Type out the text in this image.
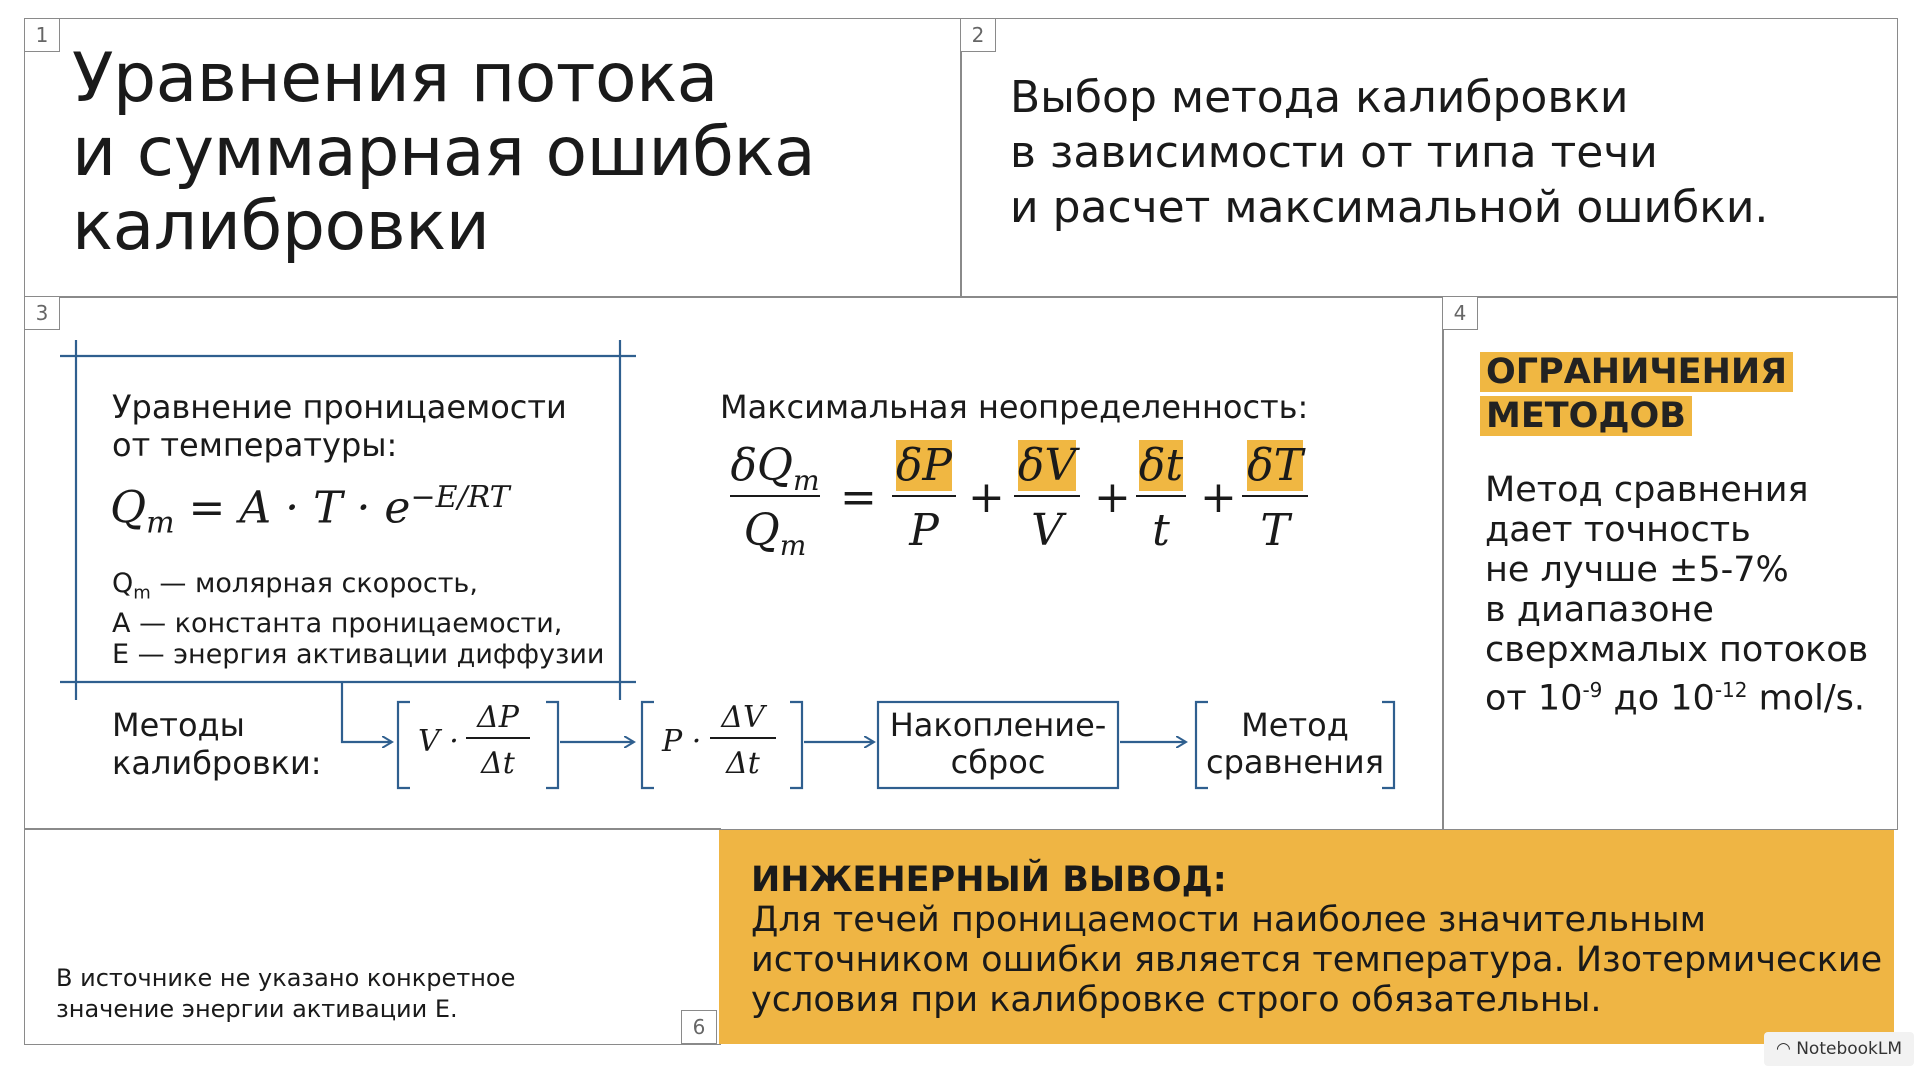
1	2
3	4
Уравнения потока
и суммарная ошибка
калибровки
Выбор метода калибровки
в зависимости от типа течи
и расчет максимальной ошибки.
Уравнение проницаемости
от температуры:
$Q_m = A \cdot T \cdot e^{-E/RT}$
$Q_m$ — молярная скорость,
A — константа проницаемости,
E — энергия активации диффузии
Максимальная неопределенность:
$\delta Q_m$
$Q_m$
=
δP
P
+
δV
V
+
δt
t
+
δT
T
Методы
калибровки:
V ·
ΔP
Δt
P ·
ΔV
Δt
Накопление-
сброс
Метод
сравнения
ОГРАНИЧЕНИЯ
МЕТОДОВ
Метод сравнения
дает точность
не лучше ±5-7%
в диапазоне
сверхмалых потоков
от $10^{-9}$ до $10^{-12}$ mol/s.
В источнике не указано конкретное
значение энергии активации E.
6
ИНЖЕНЕРНЫЙ ВЫВОД:
Для течей проницаемости наиболее значительным источником ошибки является температура. Изотермические условия при калибровке строго обязательны.
◠ NotebookLM
